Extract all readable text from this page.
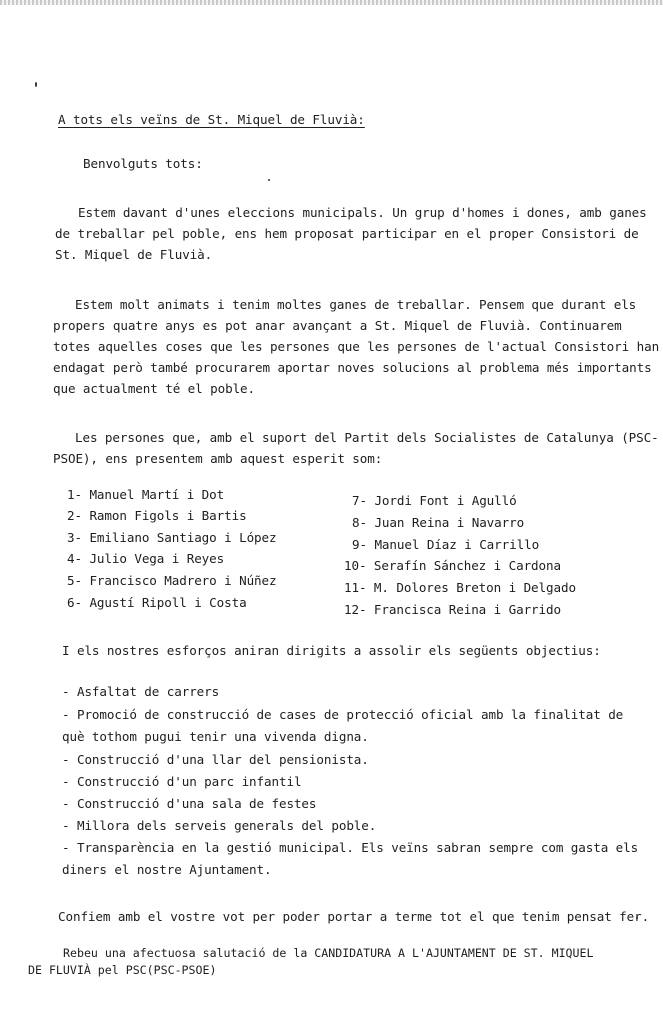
A tots els veïns de St. Miquel de Fluvià:
Benvolguts tots:
Estem davant d'unes eleccions municipals. Un grup d'homes i dones, amb ganes
de treballar pel poble, ens hem proposat participar en el proper Consistori de
St. Miquel de Fluvià.
Estem molt animats i tenim moltes ganes de treballar. Pensem que durant els
propers quatre anys es pot anar avançant a St. Miquel de Fluvià. Continuarem
totes aquelles coses que les persones que les persones de l'actual Consistori han
endagat però també procurarem aportar noves solucions al problema més importants
que actualment té el poble.
Les persones que, amb el suport del Partit dels Socialistes de Catalunya (PSC-
PSOE), ens presentem amb aquest esperit som:
1- Manuel Martí i Dot
2- Ramon Figols i Bartis
3- Emiliano Santiago i López
4- Julio Vega i Reyes
5- Francisco Madrero i Núñez
6- Agustí Ripoll i Costa
7- Jordi Font i Agulló
8- Juan Reina i Navarro
9- Manuel Díaz i Carrillo
10- Serafín Sánchez i Cardona
11- M. Dolores Breton i Delgado
12- Francisca Reina i Garrido
I els nostres esforços aniran dirigits a assolir els següents objectius:
- Asfaltat de carrers
- Promoció de construcció de cases de protecció oficial amb la finalitat de
què tothom pugui tenir una vivenda digna.
- Construcció d'una llar del pensionista.
- Construcció d'un parc infantil
- Construcció d'una sala de festes
- Millora dels serveis generals del poble.
- Transparència en la gestió municipal. Els veïns sabran sempre com gasta els
diners el nostre Ajuntament.
Confiem amb el vostre vot per poder portar a terme tot el que tenim pensat fer.
Rebeu una afectuosa salutació de la CANDIDATURA A L'AJUNTAMENT DE ST. MIQUEL
DE FLUVIÀ pel PSC(PSC-PSOE)
